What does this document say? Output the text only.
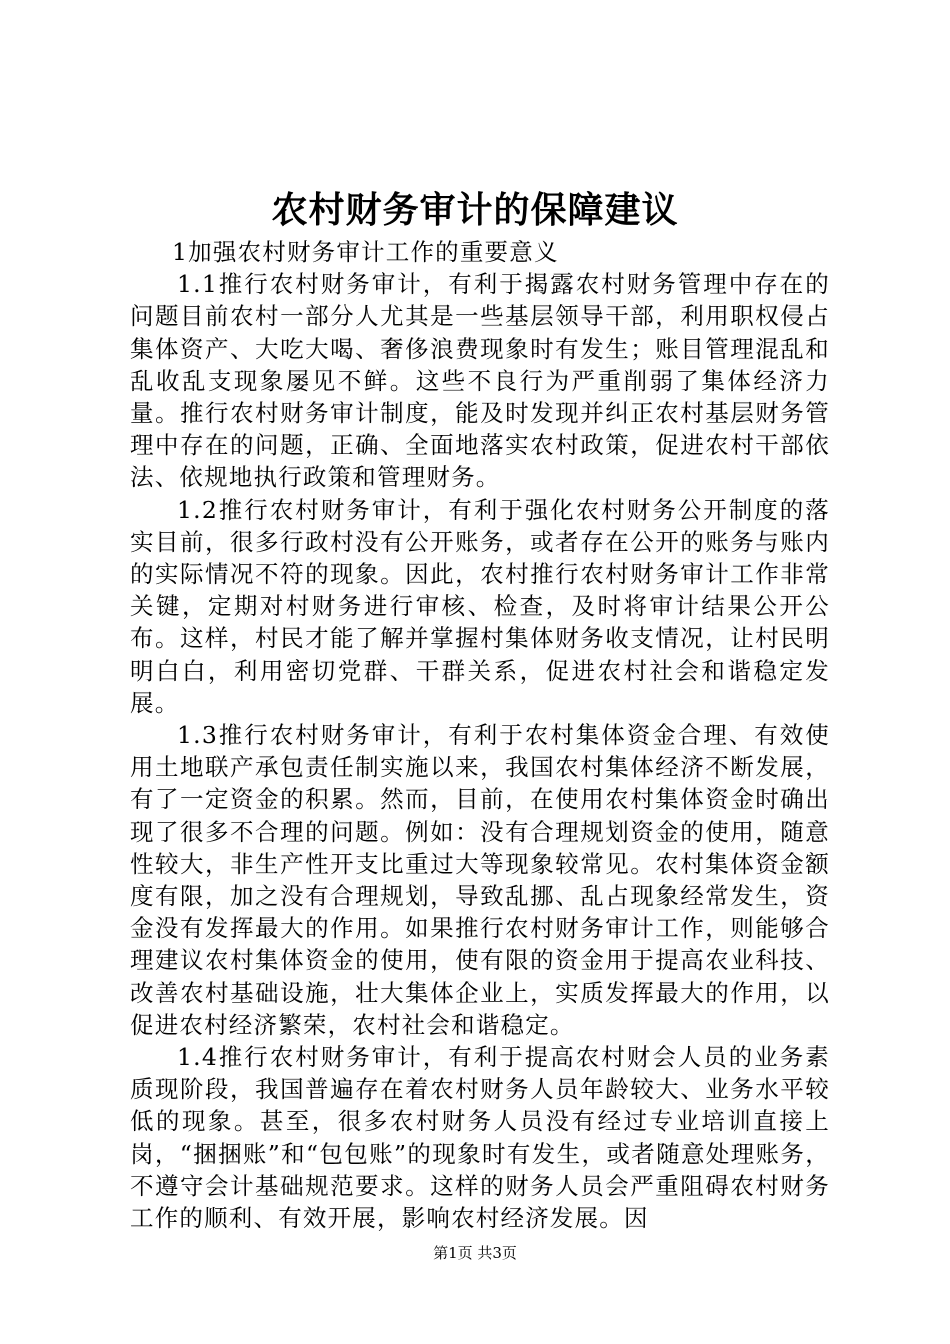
农村财务审计的保障建议

1加强农村财务审计工作的重要意义

1.1推行农村财务审计，有利于揭露农村财务管理中存在的问题目前农村一部分人尤其是一些基层领导干部，利用职权侵占集体资产、大吃大喝、奢侈浪费现象时有发生；账目管理混乱和乱收乱支现象屡见不鲜。这些不良行为严重削弱了集体经济力量。推行农村财务审计制度，能及时发现并纠正农村基层财务管理中存在的问题，正确、全面地落实农村政策，促进农村干部依法、依规地执行政策和管理财务。

1.2推行农村财务审计，有利于强化农村财务公开制度的落实目前，很多行政村没有公开账务，或者存在公开的账务与账内的实际情况不符的现象。因此，农村推行农村财务审计工作非常关键，定期对村财务进行审核、检查，及时将审计结果公开公布。这样，村民才能了解并掌握村集体财务收支情况，让村民明明白白，利用密切党群、干群关系，促进农村社会和谐稳定发展。

1.3推行农村财务审计，有利于农村集体资金合理、有效使用土地联产承包责任制实施以来，我国农村集体经济不断发展，有了一定资金的积累。然而，目前，在使用农村集体资金时确出现了很多不合理的问题。例如：没有合理规划资金的使用，随意性较大，非生产性开支比重过大等现象较常见。农村集体资金额度有限，加之没有合理规划，导致乱挪、乱占现象经常发生，资金没有发挥最大的作用。如果推行农村财务审计工作，则能够合理建议农村集体资金的使用，使有限的资金用于提高农业科技、改善农村基础设施，壮大集体企业上，实质发挥最大的作用，以促进农村经济繁荣，农村社会和谐稳定。

1.4推行农村财务审计，有利于提高农村财会人员的业务素质现阶段，我国普遍存在着农村财务人员年龄较大、业务水平较低的现象。甚至，很多农村财务人员没有经过专业培训直接上岗，“捆捆账”和“包包账”的现象时有发生，或者随意处理账务，不遵守会计基础规范要求。这样的财务人员会严重阻碍农村财务工作的顺利、有效开展，影响农村经济发展。因

第1页 共3页
